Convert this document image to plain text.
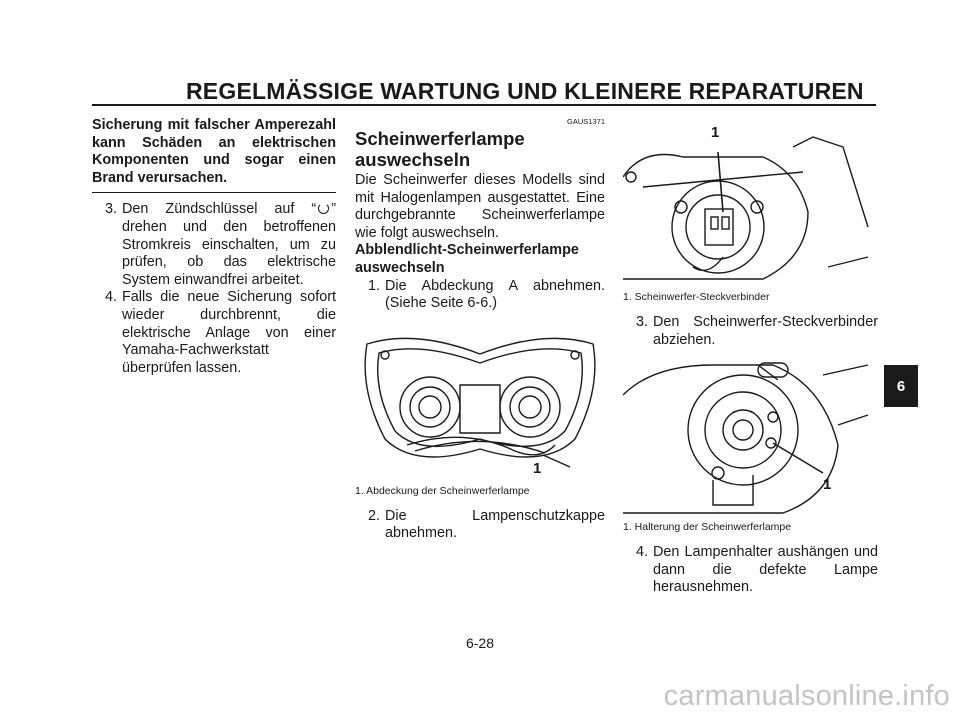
REGELMÄSSIGE WARTUNG UND KLEINERE REPARATUREN
Sicherung mit falscher Amperezahl kann Schäden an elektrischen Komponenten und sogar einen Brand verursachen.
3. Den Zündschlüssel auf “ ” drehen und den betroffenen Stromkreis einschalten, um zu prüfen, ob das elektrische System einwandfrei arbeitet.
4. Falls die neue Sicherung sofort wieder durchbrennt, die elektrische Anlage von einer Yamaha-Fachwerkstatt überprüfen lassen.
GAUS1371
Scheinwerferlampe auswechseln
Die Scheinwerfer dieses Modells sind mit Halogenlampen ausgestattet. Eine durchgebrannte Scheinwerferlampe wie folgt auswechseln.
Abblendlicht-Scheinwerferlampe auswechseln
1. Die Abdeckung A abnehmen. (Siehe Seite 6-6.)
1
1. Abdeckung der Scheinwerferlampe
2. Die Lampenschutzkappe abnehmen.
1
1. Scheinwerfer-Steckverbinder
3. Den Scheinwerfer-Steckverbinder abziehen.
1
1. Halterung der Scheinwerferlampe
4. Den Lampenhalter aushängen und dann die defekte Lampe herausnehmen.
6
6-28
carmanualsonline.info
